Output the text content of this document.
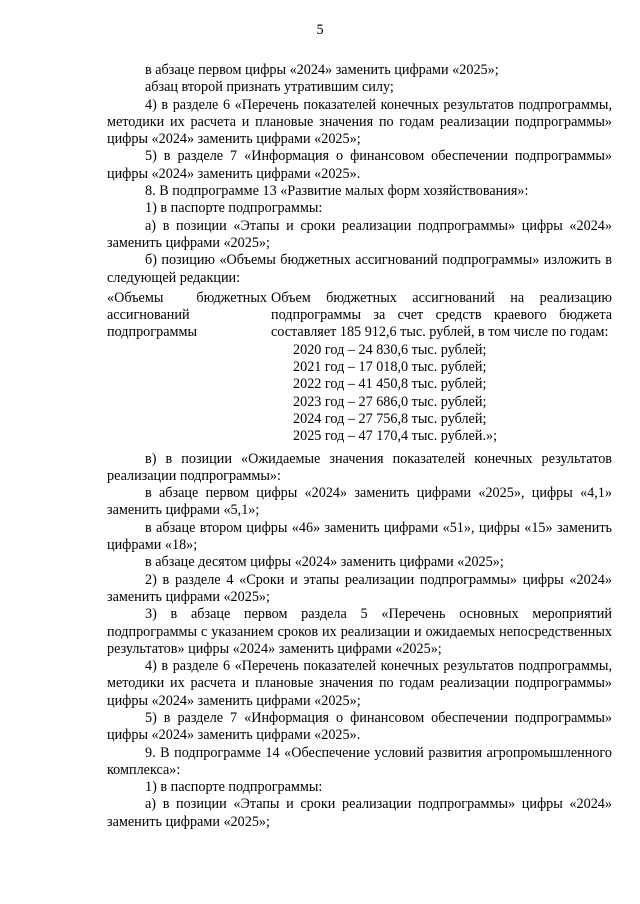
5

в абзаце первом цифры «2024» заменить цифрами «2025»;

абзац второй признать утратившим силу;

4) в разделе 6 «Перечень показателей конечных результатов подпрограммы, методики их расчета и плановые значения по годам реализации подпрограммы» цифры «2024» заменить цифрами «2025»;

5) в разделе 7 «Информация о финансовом обеспечении подпрограммы» цифры «2024» заменить цифрами «2025».

8. В подпрограмме 13 «Развитие малых форм хозяйствования»:

1) в паспорте подпрограммы:

а) в позиции «Этапы и сроки реализации подпрограммы» цифры «2024» заменить цифрами «2025»;

б) позицию «Объемы бюджетных ассигнований подпрограммы» изложить в следующей редакции:

«Объемы бюджетных ассигнований подпрограммы
Объем бюджетных ассигнований на реализацию подпрограммы за счет средств краевого бюджета составляет 185 912,6 тыс. рублей, в том числе по годам:
2020 год – 24 830,6 тыс. рублей;
2021 год – 17 018,0 тыс. рублей;
2022 год – 41 450,8 тыс. рублей;
2023 год – 27 686,0 тыс. рублей;
2024 год – 27 756,8 тыс. рублей;
2025 год – 47 170,4 тыс. рублей.»;

в) в позиции «Ожидаемые значения показателей конечных результатов реализации подпрограммы»:

в абзаце первом цифры «2024» заменить цифрами «2025», цифры «4,1» заменить цифрами «5,1»;

в абзаце втором цифры «46» заменить цифрами «51», цифры «15» заменить цифрами «18»;

в абзаце десятом цифры «2024» заменить цифрами «2025»;

2) в разделе 4 «Сроки и этапы реализации подпрограммы» цифры «2024» заменить цифрами «2025»;

3) в абзаце первом раздела 5 «Перечень основных мероприятий подпрограммы с указанием сроков их реализации и ожидаемых непосредственных результатов» цифры «2024» заменить цифрами «2025»;

4) в разделе 6 «Перечень показателей конечных результатов подпрограммы, методики их расчета и плановые значения по годам реализации подпрограммы» цифры «2024» заменить цифрами «2025»;

5) в разделе 7 «Информация о финансовом обеспечении подпрограммы» цифры «2024» заменить цифрами «2025».

9. В подпрограмме 14 «Обеспечение условий развития агропромышленного комплекса»:

1) в паспорте подпрограммы:

а) в позиции «Этапы и сроки реализации подпрограммы» цифры «2024» заменить цифрами «2025»;
